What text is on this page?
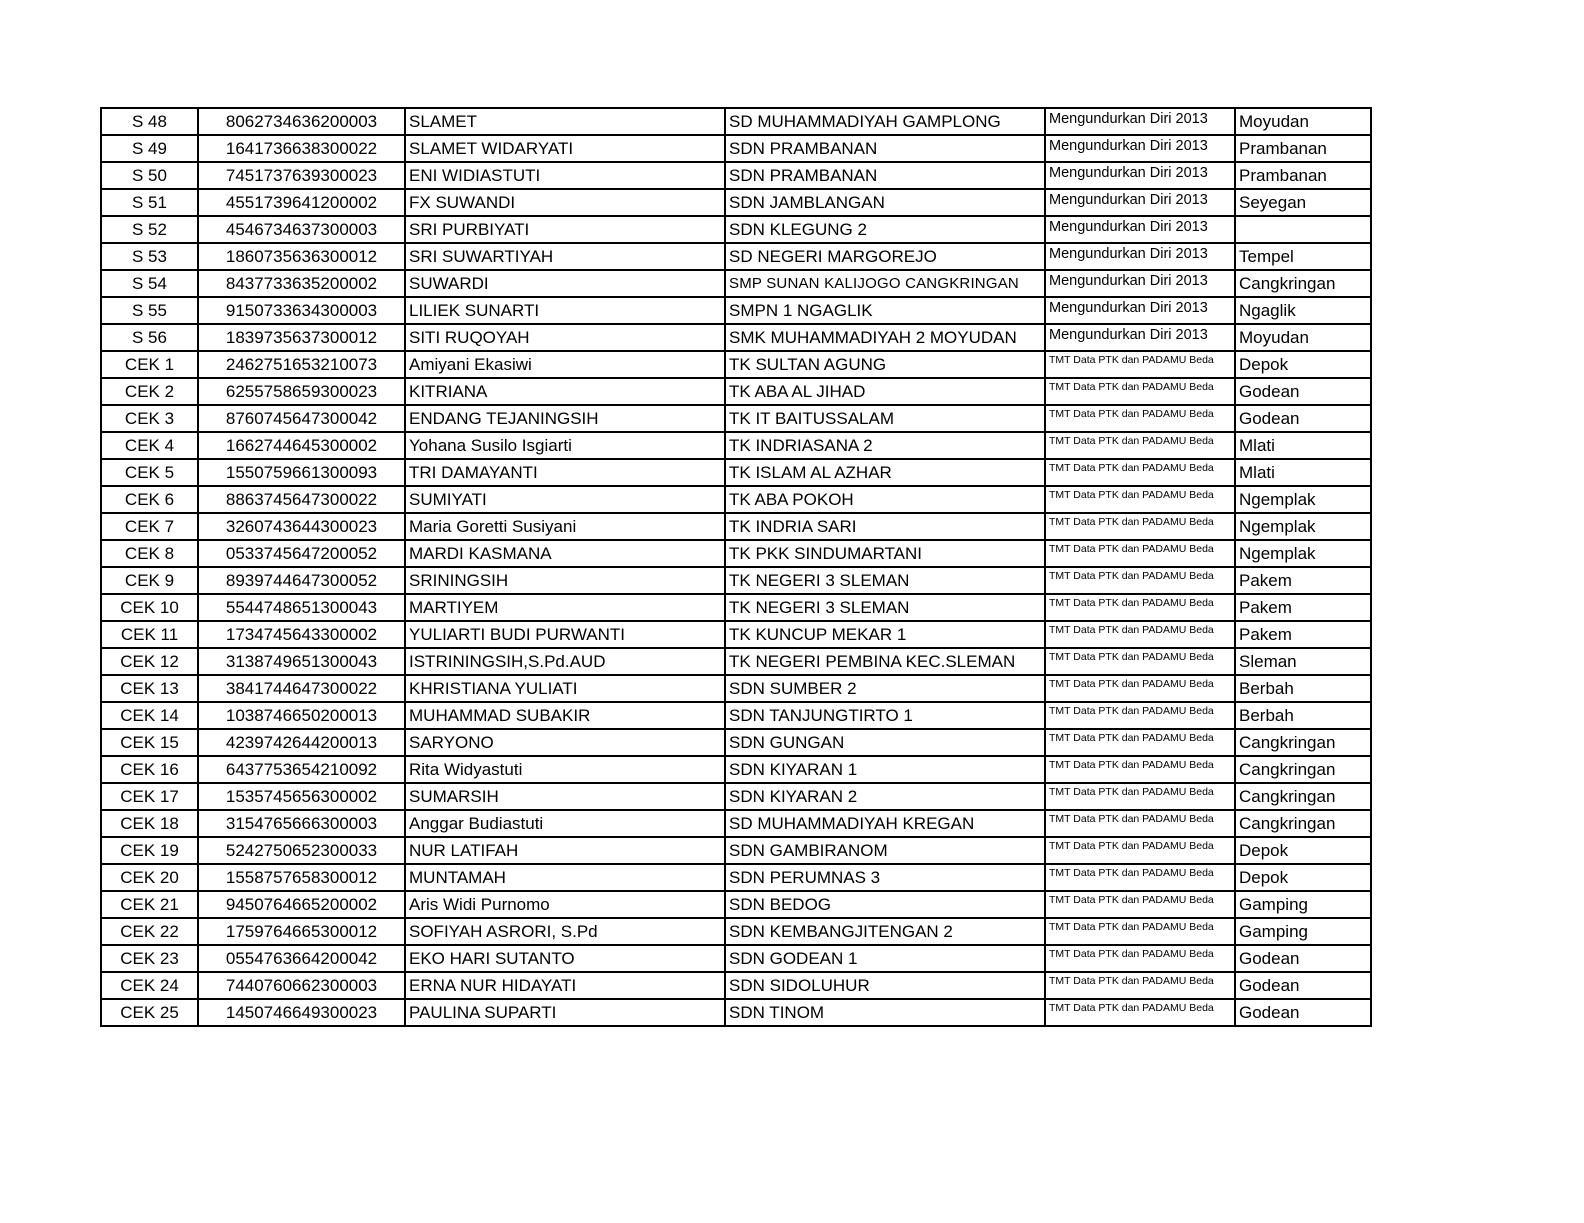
S 48	8062734636200003	SLAMET	SD MUHAMMADIYAH GAMPLONG	Mengundurkan Diri 2013	Moyudan
S 49	1641736638300022	SLAMET WIDARYATI	SDN PRAMBANAN	Mengundurkan Diri 2013	Prambanan
S 50	7451737639300023	ENI WIDIASTUTI	SDN PRAMBANAN	Mengundurkan Diri 2013	Prambanan
S 51	4551739641200002	FX SUWANDI	SDN JAMBLANGAN	Mengundurkan Diri 2013	Seyegan
S 52	4546734637300003	SRI PURBIYATI	SDN KLEGUNG 2	Mengundurkan Diri 2013	
S 53	1860735636300012	SRI SUWARTIYAH	SD NEGERI MARGOREJO	Mengundurkan Diri 2013	Tempel
S 54	8437733635200002	SUWARDI	SMP SUNAN KALIJOGO CANGKRINGAN	Mengundurkan Diri 2013	Cangkringan
S 55	9150733634300003	LILIEK SUNARTI	SMPN 1 NGAGLIK	Mengundurkan Diri 2013	Ngaglik
S 56	1839735637300012	SITI RUQOYAH	SMK MUHAMMADIYAH 2 MOYUDAN	Mengundurkan Diri 2013	Moyudan
CEK 1	2462751653210073	Amiyani Ekasiwi	TK SULTAN AGUNG	TMT Data PTK dan PADAMU Beda	Depok
CEK 2	6255758659300023	KITRIANA	TK ABA AL JIHAD	TMT Data PTK dan PADAMU Beda	Godean
CEK 3	8760745647300042	ENDANG TEJANINGSIH	TK IT BAITUSSALAM	TMT Data PTK dan PADAMU Beda	Godean
CEK 4	1662744645300002	Yohana Susilo Isgiarti	TK INDRIASANA 2	TMT Data PTK dan PADAMU Beda	Mlati
CEK 5	1550759661300093	TRI DAMAYANTI	TK ISLAM AL AZHAR	TMT Data PTK dan PADAMU Beda	Mlati
CEK 6	8863745647300022	SUMIYATI	TK ABA POKOH	TMT Data PTK dan PADAMU Beda	Ngemplak
CEK 7	3260743644300023	Maria Goretti Susiyani	TK INDRIA SARI	TMT Data PTK dan PADAMU Beda	Ngemplak
CEK 8	0533745647200052	MARDI KASMANA	TK PKK SINDUMARTANI	TMT Data PTK dan PADAMU Beda	Ngemplak
CEK 9	8939744647300052	SRININGSIH	TK NEGERI 3 SLEMAN	TMT Data PTK dan PADAMU Beda	Pakem
CEK 10	5544748651300043	MARTIYEM	TK NEGERI 3 SLEMAN	TMT Data PTK dan PADAMU Beda	Pakem
CEK 11	1734745643300002	YULIARTI BUDI PURWANTI	TK KUNCUP MEKAR 1	TMT Data PTK dan PADAMU Beda	Pakem
CEK 12	3138749651300043	ISTRININGSIH,S.Pd.AUD	TK NEGERI PEMBINA KEC.SLEMAN	TMT Data PTK dan PADAMU Beda	Sleman
CEK 13	3841744647300022	KHRISTIANA YULIATI	SDN SUMBER 2	TMT Data PTK dan PADAMU Beda	Berbah
CEK 14	1038746650200013	MUHAMMAD SUBAKIR	SDN TANJUNGTIRTO 1	TMT Data PTK dan PADAMU Beda	Berbah
CEK 15	4239742644200013	SARYONO	SDN GUNGAN	TMT Data PTK dan PADAMU Beda	Cangkringan
CEK 16	6437753654210092	Rita Widyastuti	SDN KIYARAN 1	TMT Data PTK dan PADAMU Beda	Cangkringan
CEK 17	1535745656300002	SUMARSIH	SDN KIYARAN 2	TMT Data PTK dan PADAMU Beda	Cangkringan
CEK 18	3154765666300003	Anggar Budiastuti	SD MUHAMMADIYAH KREGAN	TMT Data PTK dan PADAMU Beda	Cangkringan
CEK 19	5242750652300033	NUR LATIFAH	SDN GAMBIRANOM	TMT Data PTK dan PADAMU Beda	Depok
CEK 20	1558757658300012	MUNTAMAH	SDN PERUMNAS 3	TMT Data PTK dan PADAMU Beda	Depok
CEK 21	9450764665200002	Aris Widi Purnomo	SDN BEDOG	TMT Data PTK dan PADAMU Beda	Gamping
CEK 22	1759764665300012	SOFIYAH ASRORI, S.Pd	SDN KEMBANGJITENGAN 2	TMT Data PTK dan PADAMU Beda	Gamping
CEK 23	0554763664200042	EKO HARI SUTANTO	SDN GODEAN 1	TMT Data PTK dan PADAMU Beda	Godean
CEK 24	7440760662300003	ERNA NUR HIDAYATI	SDN SIDOLUHUR	TMT Data PTK dan PADAMU Beda	Godean
CEK 25	1450746649300023	PAULINA SUPARTI	SDN TINOM	TMT Data PTK dan PADAMU Beda	Godean
